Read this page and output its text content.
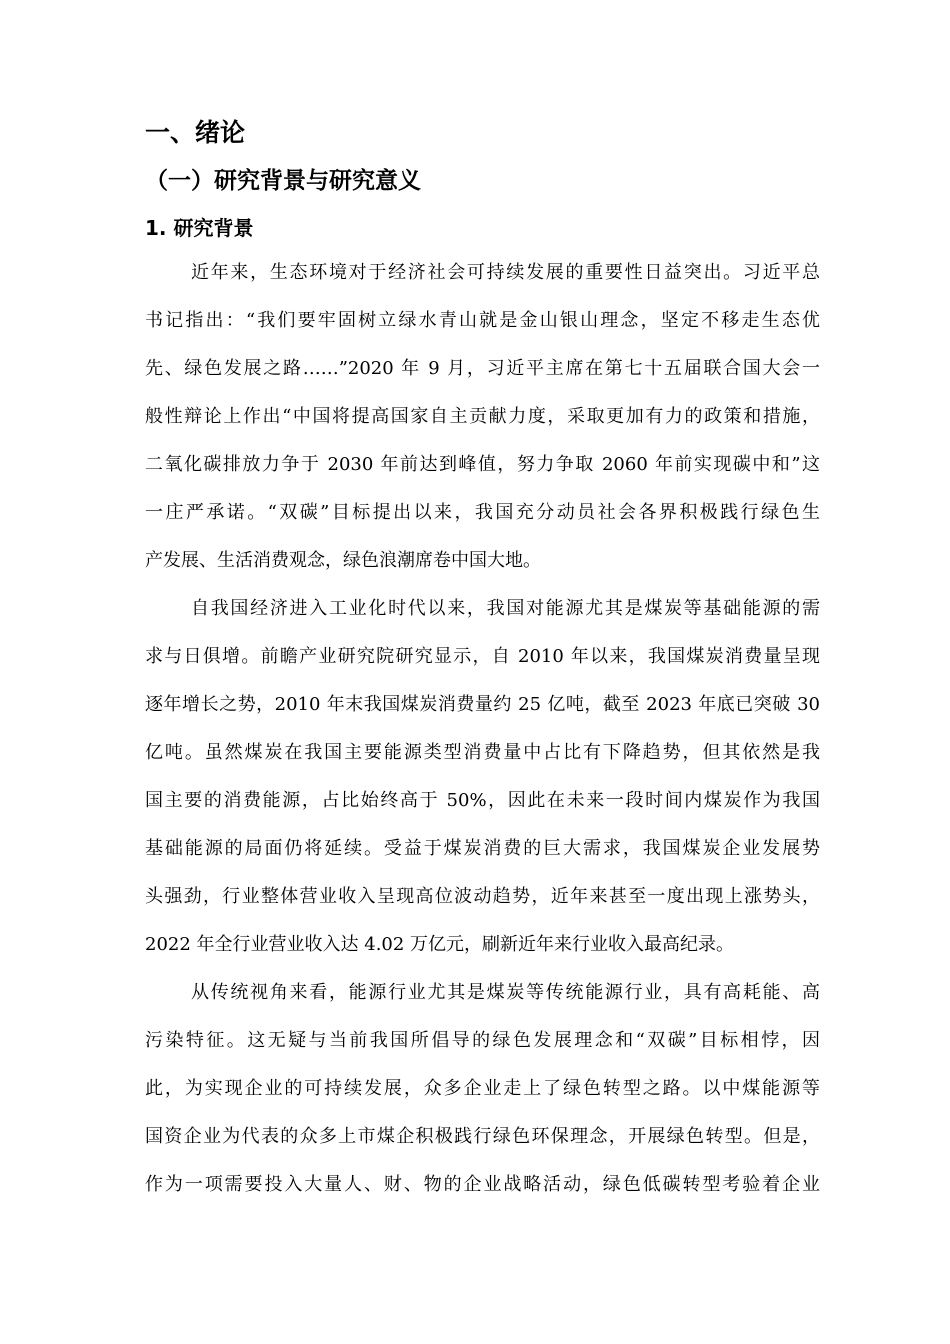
一、绪论
（一）研究背景与研究意义
1. 研究背景

近年来，生态环境对于经济社会可持续发展的重要性日益突出。习近平总
书记指出：“我们要牢固树立绿水青山就是金山银山理念，坚定不移走生态优
先、绿色发展之路……”2020 年 9 月，习近平主席在第七十五届联合国大会一
般性辩论上作出“中国将提高国家自主贡献力度，采取更加有力的政策和措施，
二氧化碳排放力争于 2030 年前达到峰值，努力争取 2060 年前实现碳中和”这
一庄严承诺。“双碳”目标提出以来，我国充分动员社会各界积极践行绿色生
产发展、生活消费观念，绿色浪潮席卷中国大地。

自我国经济进入工业化时代以来，我国对能源尤其是煤炭等基础能源的需
求与日俱增。前瞻产业研究院研究显示，自 2010 年以来，我国煤炭消费量呈现
逐年增长之势，2010 年末我国煤炭消费量约 25 亿吨，截至 2023 年底已突破 30
亿吨。虽然煤炭在我国主要能源类型消费量中占比有下降趋势，但其依然是我
国主要的消费能源，占比始终高于 50%，因此在未来一段时间内煤炭作为我国
基础能源的局面仍将延续。受益于煤炭消费的巨大需求，我国煤炭企业发展势
头强劲，行业整体营业收入呈现高位波动趋势，近年来甚至一度出现上涨势头，
2022 年全行业营业收入达 4.02 万亿元，刷新近年来行业收入最高纪录。

从传统视角来看，能源行业尤其是煤炭等传统能源行业，具有高耗能、高
污染特征。这无疑与当前我国所倡导的绿色发展理念和“双碳”目标相悖，因
此，为实现企业的可持续发展，众多企业走上了绿色转型之路。以中煤能源等
国资企业为代表的众多上市煤企积极践行绿色环保理念，开展绿色转型。但是，
作为一项需要投入大量人、财、物的企业战略活动，绿色低碳转型考验着企业
